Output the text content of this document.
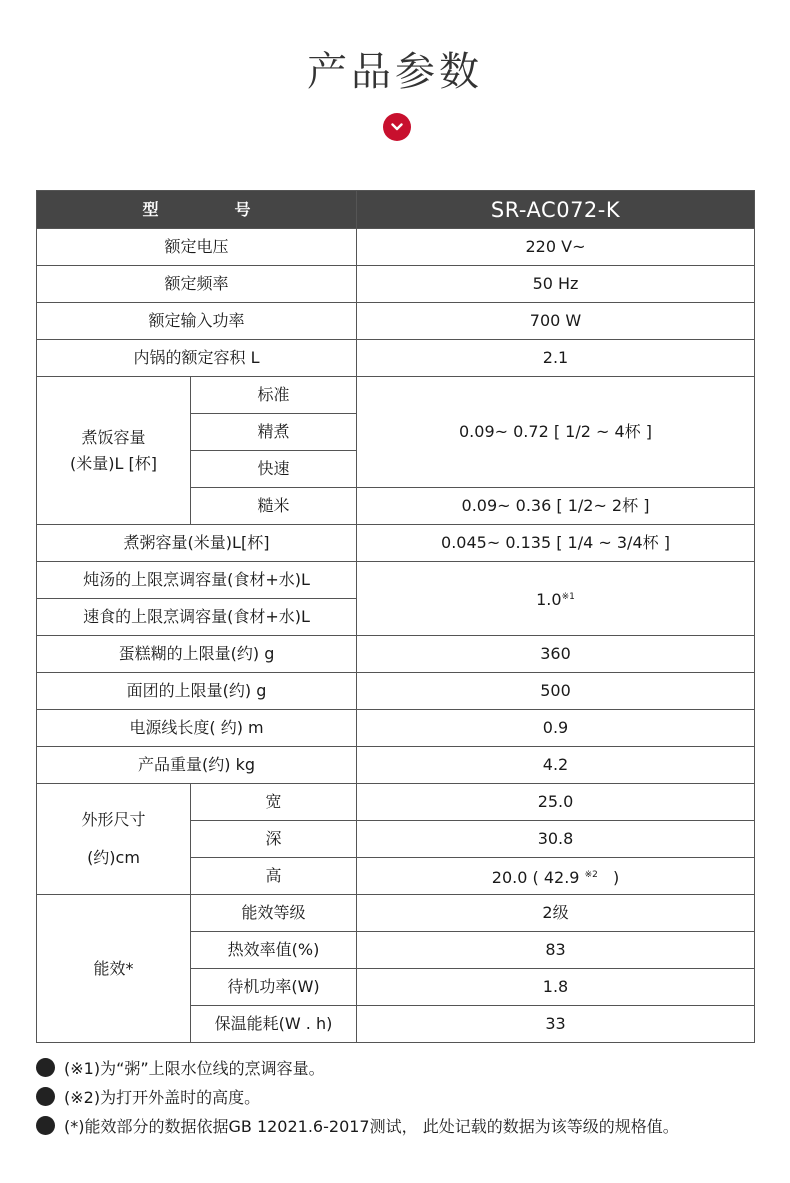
产品参数
型 号		SR-AC072-K
额定电压		220 V~
额定频率		50 Hz
额定输入功率		700 W
内锅的额定容积 L		2.1

煮饭容量
(米量)L [杯]	标准	0.09~ 0.72 [ 1/2 ~ 4杯 ]
	精煮	
	快速	
	糙米	0.09~ 0.36 [ 1/2~ 2杯 ]
煮粥容量(米量)L[杯]		0.045~ 0.135 [ 1/4 ~ 3/4杯 ]
炖汤的上限烹调容量(食材+水)L		1.0$^{※1}$
速食的上限烹调容量(食材+水)L		
蛋糕糊的上限量(约) g		360
面团的上限量(约) g		500
电源线长度( 约) m		0.9
产品重量(约) kg		4.2

外形尺寸
(约)cm	宽	25.0
	深	30.8
	高	20.0 ( 42.9 $^{※2}$ )
能效*	能效等级	2级
	热效率值(%)	83
	待机功率(W)	1.8
	保温能耗(W . h)	33
(※1)为“粥”上限水位线的烹调容量。
(※2)为打开外盖时的高度。
(*)能效部分的数据依据GB 12021.6-2017测试， 此处记载的数据为该等级的规格值。
